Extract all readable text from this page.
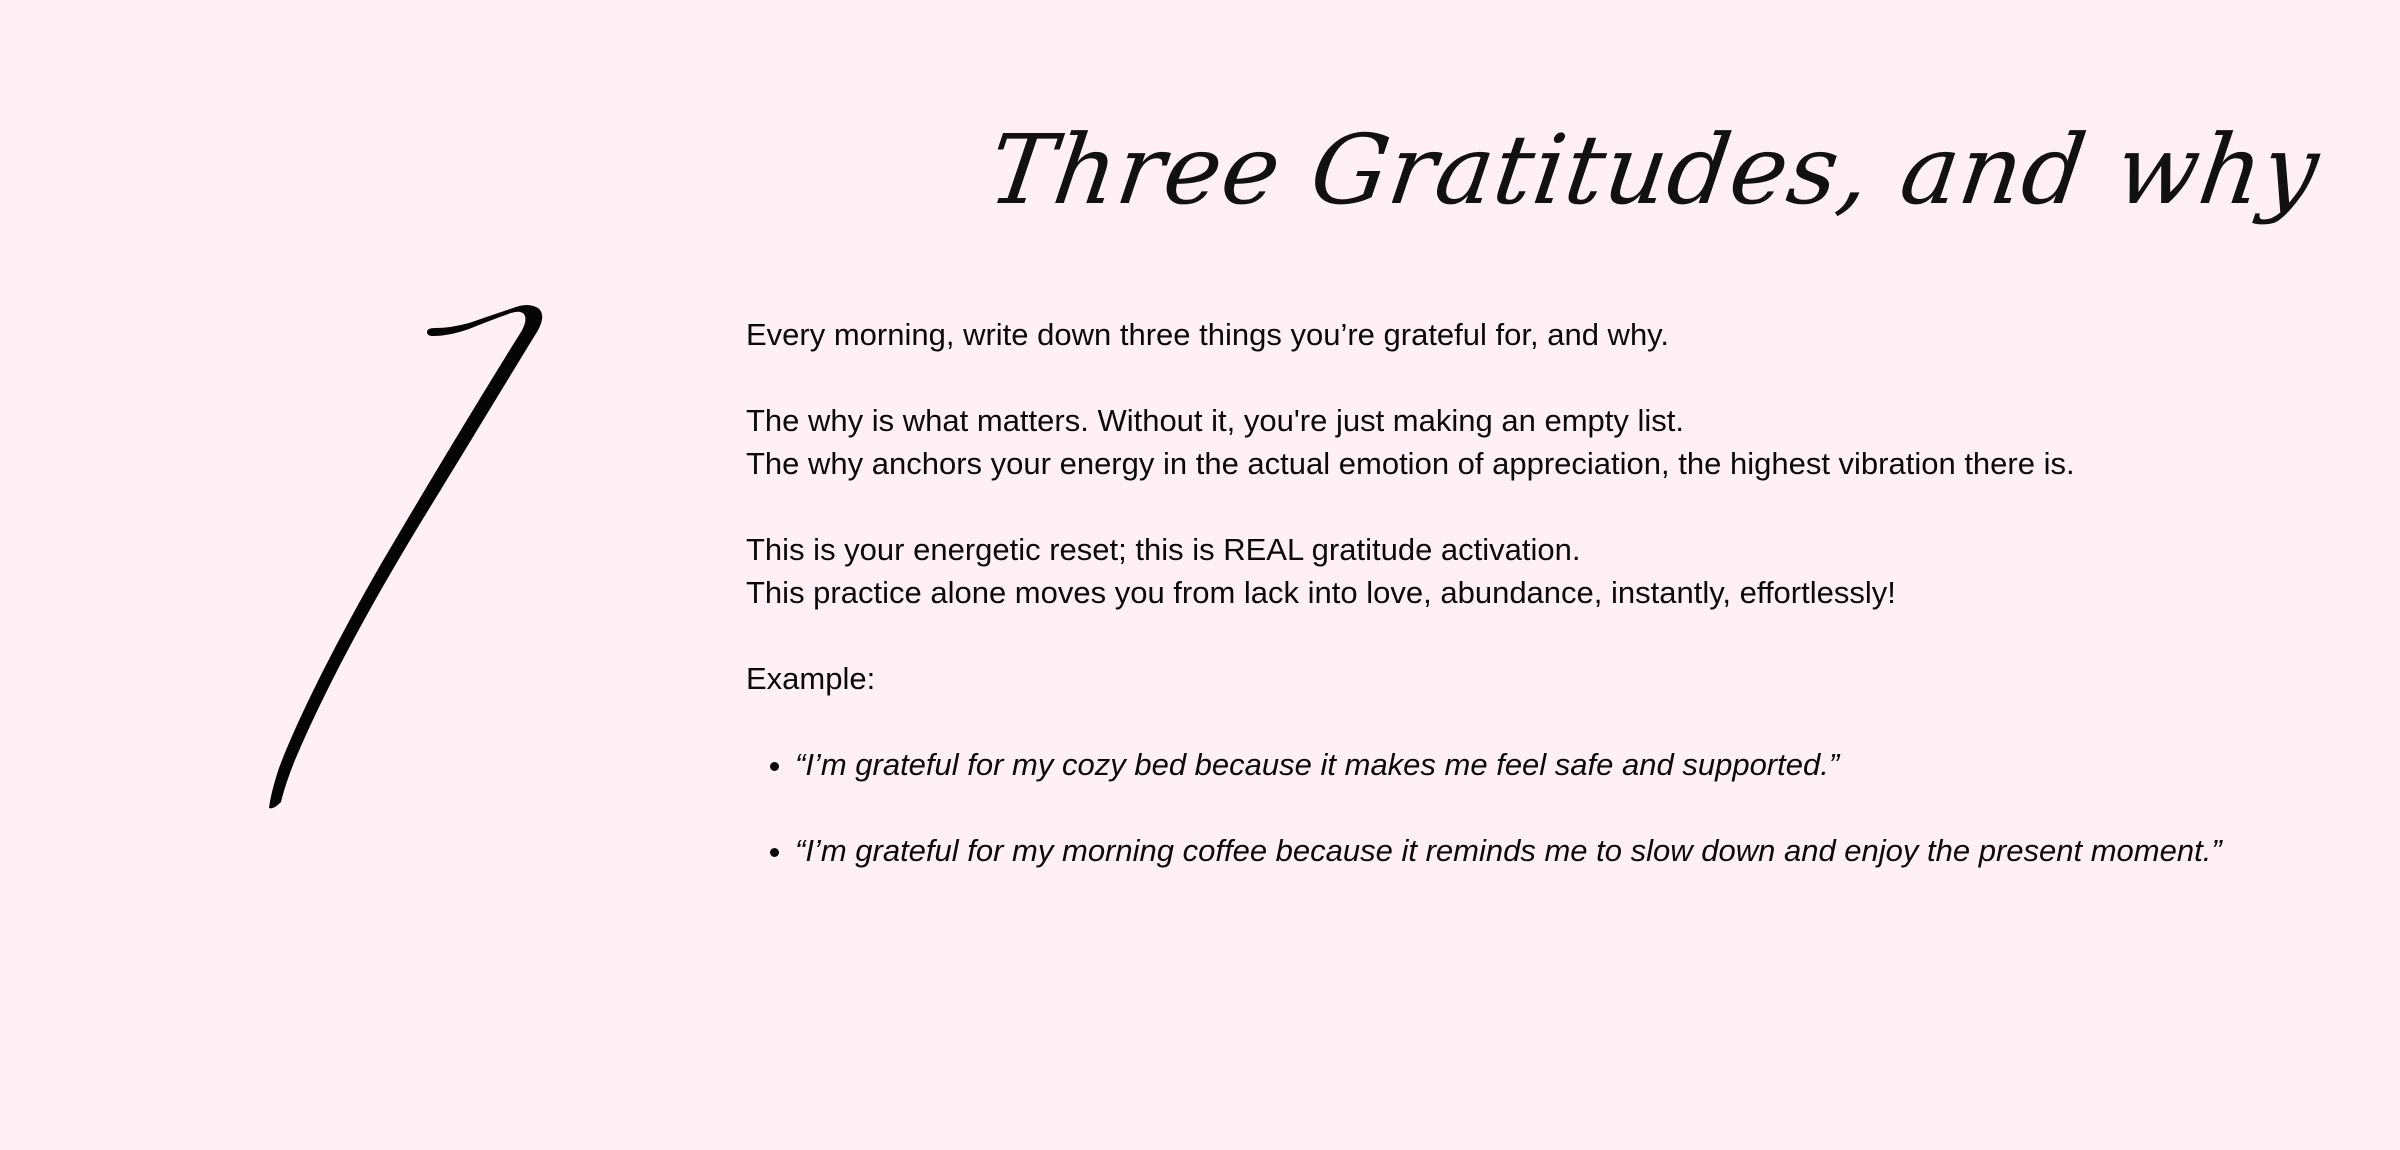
Three Gratitudes, and why

Every morning, write down three things you’re grateful for, and why.

The why is what matters. Without it, you're just making an empty list.

The why anchors your energy in the actual emotion of appreciation, the highest vibration there is.

This is your energetic reset; this is REAL gratitude activation.

This practice alone moves you from lack into love, abundance, instantly, effortlessly!

Example:

• “I’m grateful for my cozy bed because it makes me feel safe and supported.”
• “I’m grateful for my morning coffee because it reminds me to slow down and enjoy the present moment.”
